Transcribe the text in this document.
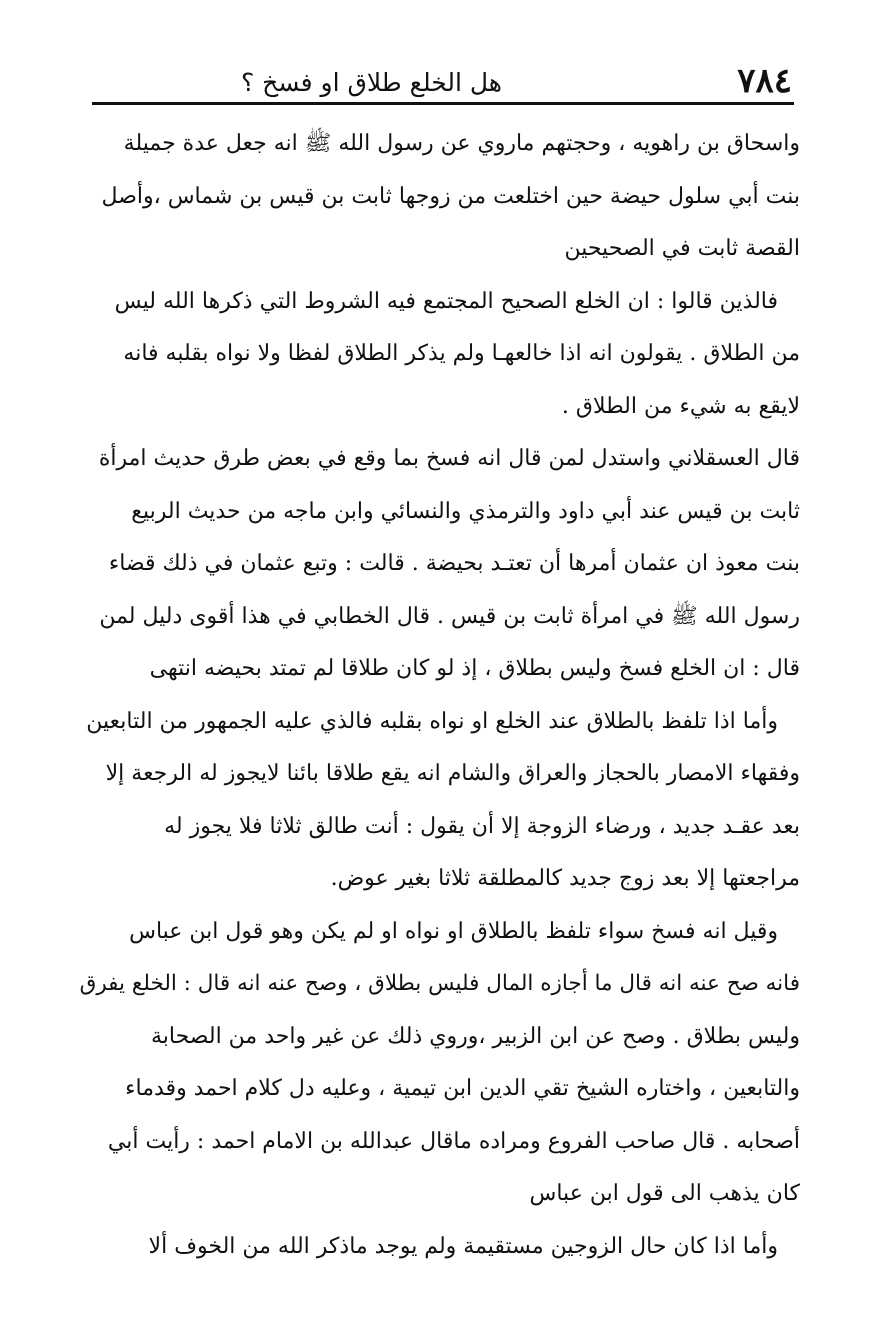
٧٨٤
هل الخلع طلاق او فسخ ؟
واسحاق بن راهويه ، وحجتهم ماروي عن رسول الله ﷺ انه جعل عدة جميلة
بنت أبي سلول حيضة حين اختلعت من زوجها ثابت بن قيس بن شماس ،وأصل
القصة ثابت في الصحيحين
فالذين قالوا : ان الخلع الصحيح المجتمع فيه الشروط التي ذكرها الله ليس
من الطلاق . يقولون انه اذا خالعهـا ولم يذكر الطلاق لفظا ولا نواه بقلبه فانه
لايقع به شيء من الطلاق .
قال العسقلاني واستدل لمن قال انه فسخ بما وقع في بعض طرق حديث امرأة
ثابت بن قيس عند أبي داود والترمذي والنسائي وابن ماجه من حديث الربيع
بنت معوذ ان عثمان أمرها أن تعتـد بحيضة . قالت : وتبع عثمان في ذلك قضاء
رسول الله ﷺ في امرأة ثابت بن قيس . قال الخطابي في هذا أقوى دليل لمن
قال : ان الخلع فسخ وليس بطلاق ، إذ لو كان طلاقا لم تمتد بحيضه انتهى
وأما اذا تلفظ بالطلاق عند الخلع او نواه بقلبه فالذي عليه الجمهور من التابعين
وفقهاء الامصار بالحجاز والعراق والشام انه يقع طلاقا بائنا لايجوز له الرجعة إلا
بعد عقـد جديد ، ورضاء الزوجة إلا أن يقول : أنت طالق ثلاثا فلا يجوز له
مراجعتها إلا بعد زوج جديد كالمطلقة ثلاثا بغير عوض.
وقيل انه فسخ سواء تلفظ بالطلاق او نواه او لم يكن وهو قول ابن عباس
فانه صح عنه انه قال ما أجازه المال فليس بطلاق ، وصح عنه انه قال : الخلع يفرق
وليس بطلاق . وصح عن ابن الزبير ،وروي ذلك عن غير واحد من الصحابة
والتابعين ، واختاره الشيخ تقي الدين ابن تيمية ، وعليه دل كلام احمد وقدماء
أصحابه . قال صاحب الفروع ومراده ماقال عبدالله بن الامام احمد : رأيت أبي
كان يذهب الى قول ابن عباس
وأما اذا كان حال الزوجين مستقيمة ولم يوجد ماذكر الله من الخوف ألا
